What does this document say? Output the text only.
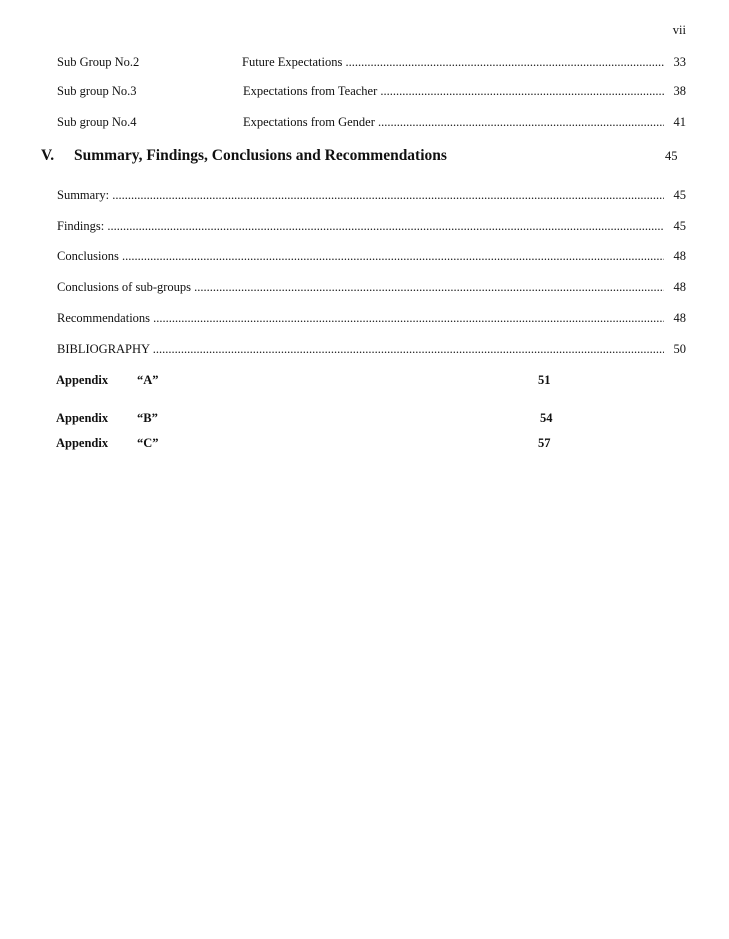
vii
Sub Group No.2	Future Expectations .....	33
Sub group No.3	Expectations from Teacher .....	38
Sub group No.4	Expectations from Gender .....	41
V. Summary, Findings, Conclusions and Recommendations	45
Summary: .....	45
Findings: .....	45
Conclusions .....	48
Conclusions of sub-groups .....	48
Recommendations .....	48
BIBLIOGRAPHY .....	50
Appendix “A”	51
Appendix “B”	54
Appendix “C”	57
